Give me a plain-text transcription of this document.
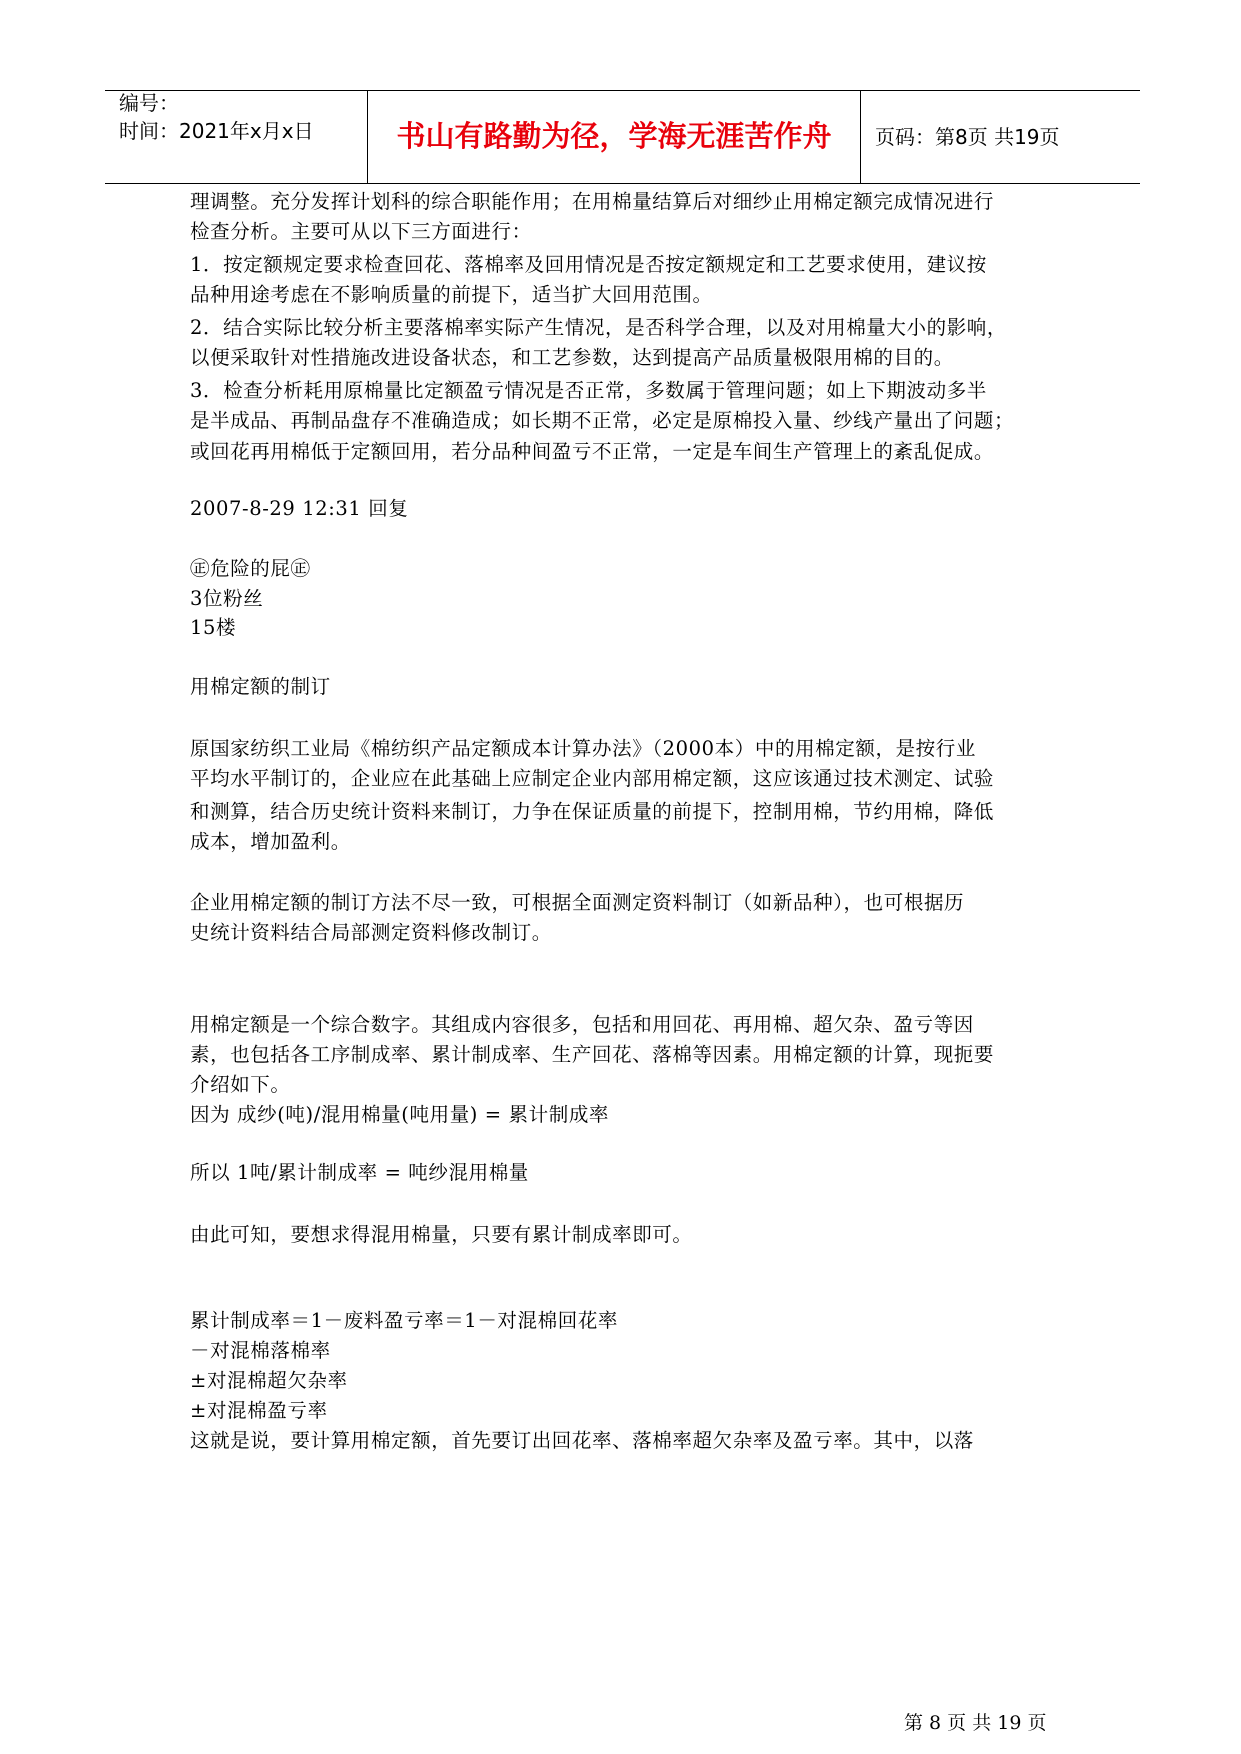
编号：
时间：2021年x月x日	书山有路勤为径，学海无涯苦作舟	页码：第8页 共19页
理调整。充分发挥计划科的综合职能作用；在用棉量结算后对细纱止用棉定额完成情况进行
检查分析。主要可从以下三方面进行：
1．按定额规定要求检查回花、落棉率及回用情况是否按定额规定和工艺要求使用，建议按
品种用途考虑在不影响质量的前提下，适当扩大回用范围。
2．结合实际比较分析主要落棉率实际产生情况，是否科学合理，以及对用棉量大小的影响，
以便采取针对性措施改进设备状态，和工艺参数，达到提高产品质量极限用棉的目的。
3．检查分析耗用原棉量比定额盈亏情况是否正常，多数属于管理问题；如上下期波动多半
是半成品、再制品盘存不准确造成；如长期不正常，必定是原棉投入量、纱线产量出了问题；
或回花再用棉低于定额回用，若分品种间盈亏不正常，一定是车间生产管理上的紊乱促成。
2007-8-29 12:31 回复
㊣危险的屁㊣
3位粉丝
15楼
用棉定额的制订
原国家纺织工业局《棉纺织产品定额成本计算办法》（2000本）中的用棉定额，是按行业
平均水平制订的，企业应在此基础上应制定企业内部用棉定额，这应该通过技术测定、试验
和测算，结合历史统计资料来制订，力争在保证质量的前提下，控制用棉，节约用棉，降低
成本，增加盈利。
企业用棉定额的制订方法不尽一致，可根据全面测定资料制订（如新品种），也可根据历
史统计资料结合局部测定资料修改制订。
用棉定额是一个综合数字。其组成内容很多，包括和用回花、再用棉、超欠杂、盈亏等因
素，也包括各工序制成率、累计制成率、生产回花、落棉等因素。用棉定额的计算，现扼要
介绍如下。
因为 成纱(吨)/混用棉量(吨用量) = 累计制成率
所以 1吨/累计制成率 = 吨纱混用棉量
由此可知，要想求得混用棉量，只要有累计制成率即可。
累计制成率＝1－废料盈亏率＝1－对混棉回花率
－对混棉落棉率
±对混棉超欠杂率
±对混棉盈亏率
这就是说，要计算用棉定额，首先要订出回花率、落棉率超欠杂率及盈亏率。其中，以落
第 8 页 共 19 页
